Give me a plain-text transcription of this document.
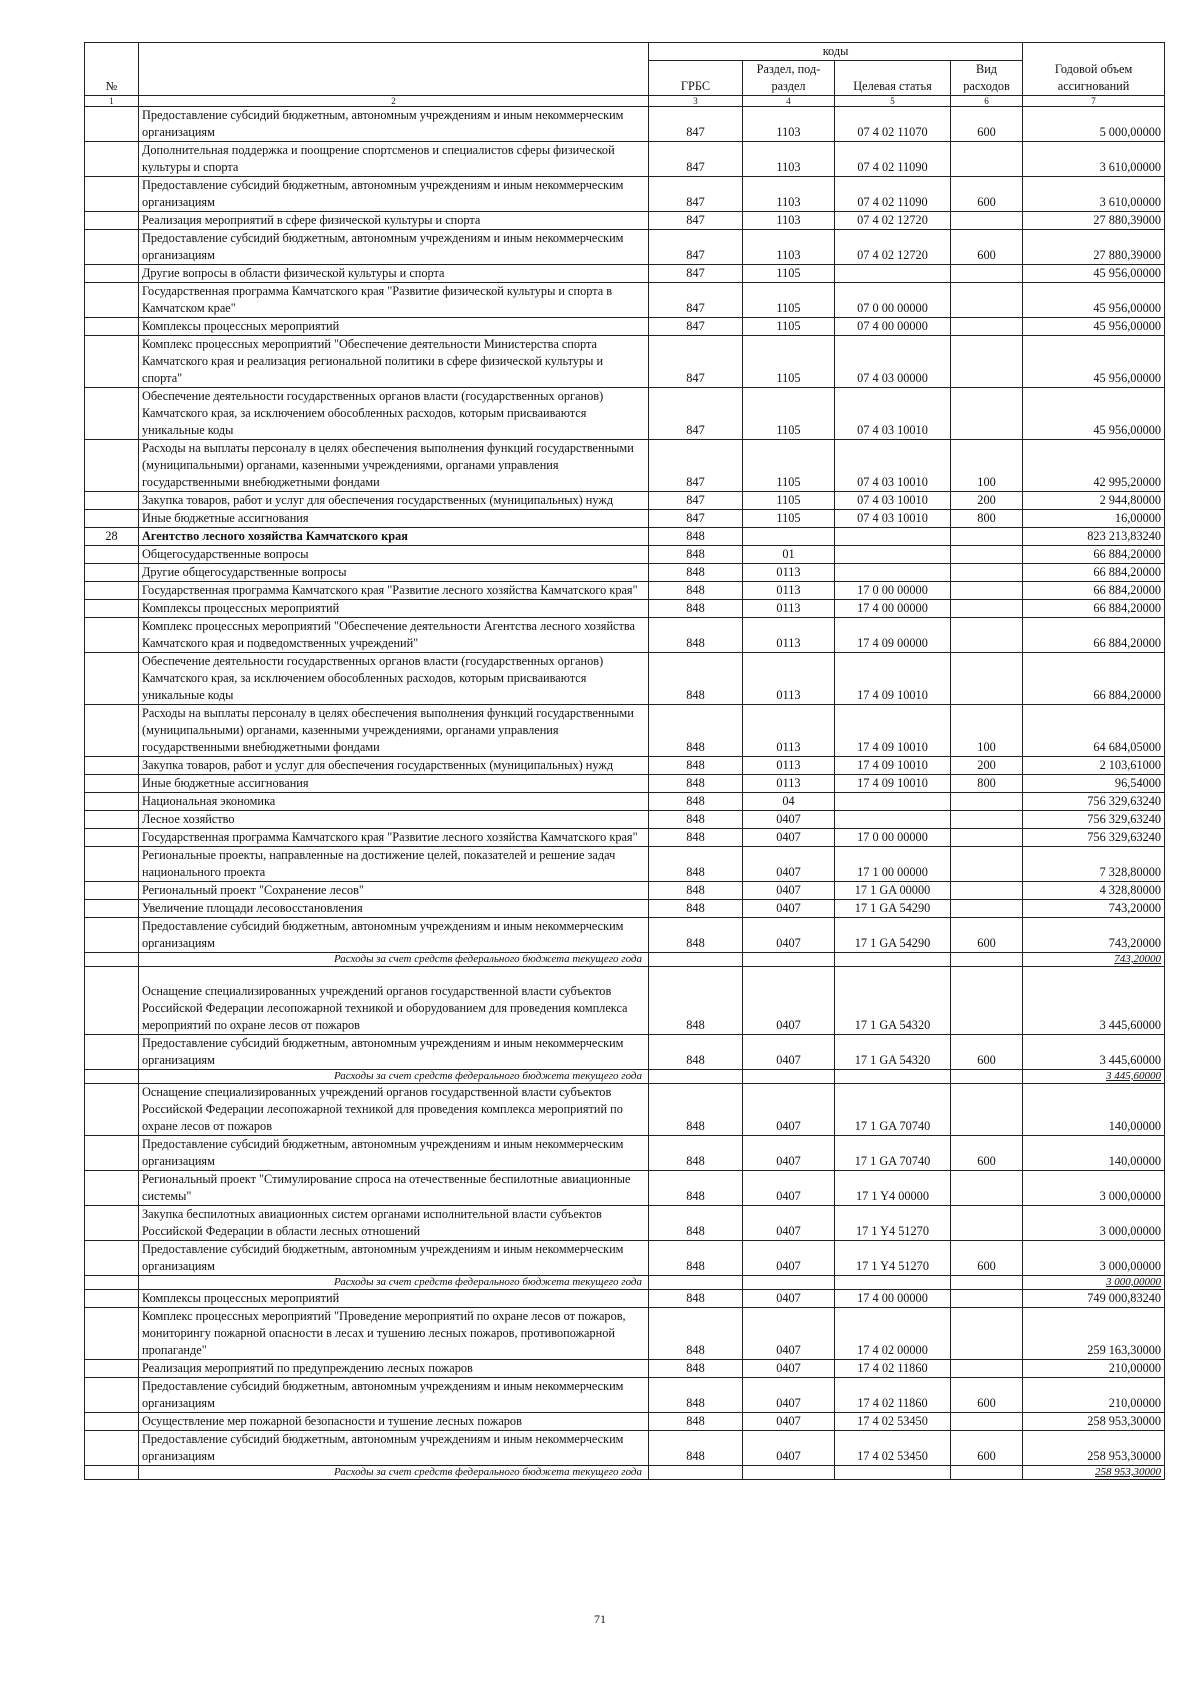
№		коды				Годовой объем ассигнований
		ГРБС	Раздел, под-раздел	Целевая статья	Вид расходов	
1	2	3	4	5	6	7
	Предоставление субсидий бюджетным, автономным учреждениям и иным некоммерческим организациям	847	1103	07 4 02 11070	600	5 000,00000
	Дополнительная поддержка и поощрение спортсменов и специалистов сферы физической культуры и спорта	847	1103	07 4 02 11090		3 610,00000
	Предоставление субсидий бюджетным, автономным учреждениям и иным некоммерческим организациям	847	1103	07 4 02 11090	600	3 610,00000
	Реализация мероприятий в сфере физической культуры и спорта	847	1103	07 4 02 12720		27 880,39000
	Предоставление субсидий бюджетным, автономным учреждениям и иным некоммерческим организациям	847	1103	07 4 02 12720	600	27 880,39000
	Другие вопросы в области физической культуры и спорта	847	1105			45 956,00000
	Государственная программа Камчатского края "Развитие физической культуры и спорта в Камчатском крае"	847	1105	07 0 00 00000		45 956,00000
	Комплексы процессных мероприятий	847	1105	07 4 00 00000		45 956,00000
	Комплекс процессных мероприятий "Обеспечение деятельности Министерства спорта Камчатского края и реализация региональной политики в сфере физической культуры и спорта"	847	1105	07 4 03 00000		45 956,00000
	Обеспечение деятельности государственных органов власти (государственных органов) Камчатского края, за исключением обособленных расходов, которым присваиваются уникальные коды	847	1105	07 4 03 10010		45 956,00000
	Расходы на выплаты персоналу в целях обеспечения выполнения функций государственными (муниципальными) органами, казенными учреждениями, органами управления государственными внебюджетными фондами	847	1105	07 4 03 10010	100	42 995,20000
	Закупка товаров, работ и услуг для обеспечения государственных (муниципальных) нужд	847	1105	07 4 03 10010	200	2 944,80000
	Иные бюджетные ассигнования	847	1105	07 4 03 10010	800	16,00000
28	Агентство лесного хозяйства Камчатского края	848				823 213,83240
	Общегосударственные вопросы	848	01			66 884,20000
	Другие общегосударственные вопросы	848	0113			66 884,20000
	Государственная программа Камчатского края "Развитие лесного хозяйства Камчатского края"	848	0113	17 0 00 00000		66 884,20000
	Комплексы процессных мероприятий	848	0113	17 4 00 00000		66 884,20000
	Комплекс процессных мероприятий "Обеспечение деятельности Агентства лесного хозяйства Камчатского края и подведомственных учреждений"	848	0113	17 4 09 00000		66 884,20000
	Обеспечение деятельности государственных органов власти (государственных органов) Камчатского края, за исключением обособленных расходов, которым присваиваются уникальные коды	848	0113	17 4 09 10010		66 884,20000
	Расходы на выплаты персоналу в целях обеспечения выполнения функций государственными (муниципальными) органами, казенными учреждениями, органами управления государственными внебюджетными фондами	848	0113	17 4 09 10010	100	64 684,05000
	Закупка товаров, работ и услуг для обеспечения государственных (муниципальных) нужд	848	0113	17 4 09 10010	200	2 103,61000
	Иные бюджетные ассигнования	848	0113	17 4 09 10010	800	96,54000
	Национальная экономика	848	04			756 329,63240
	Лесное хозяйство	848	0407			756 329,63240
	Государственная программа Камчатского края "Развитие лесного хозяйства Камчатского края"	848	0407	17 0 00 00000		756 329,63240
	Региональные проекты, направленные на достижение целей, показателей и решение задач национального проекта	848	0407	17 1 00 00000		7 328,80000
	Региональный проект "Сохранение лесов"	848	0407	17 1 GA 00000		4 328,80000
	Увеличение площади лесовосстановления	848	0407	17 1 GA 54290		743,20000
	Предоставление субсидий бюджетным, автономным учреждениям и иным некоммерческим организациям	848	0407	17 1 GA 54290	600	743,20000
	Расходы за счет средств федерального бюджета текущего года					743,20000
	Оснащение специализированных учреждений органов государственной власти субъектов Российской Федерации лесопожарной техникой и оборудованием для проведения комплекса мероприятий по охране лесов от пожаров	848	0407	17 1 GA 54320		3 445,60000
	Предоставление субсидий бюджетным, автономным учреждениям и иным некоммерческим организациям	848	0407	17 1 GA 54320	600	3 445,60000
	Расходы за счет средств федерального бюджета текущего года					3 445,60000
	Оснащение специализированных учреждений органов государственной власти субъектов Российской Федерации лесопожарной техникой для проведения комплекса мероприятий по охране лесов от пожаров	848	0407	17 1 GA 70740		140,00000
	Предоставление субсидий бюджетным, автономным учреждениям и иным некоммерческим организациям	848	0407	17 1 GA 70740	600	140,00000
	Региональный проект "Стимулирование спроса на отечественные беспилотные авиационные системы"	848	0407	17 1 Y4 00000		3 000,00000
	Закупка беспилотных авиационных систем органами исполнительной власти субъектов Российской Федерации в области лесных отношений	848	0407	17 1 Y4 51270		3 000,00000
	Предоставление субсидий бюджетным, автономным учреждениям и иным некоммерческим организациям	848	0407	17 1 Y4 51270	600	3 000,00000
	Расходы за счет средств федерального бюджета текущего года					3 000,00000
	Комплексы процессных мероприятий	848	0407	17 4 00 00000		749 000,83240
	Комплекс процессных мероприятий "Проведение мероприятий по охране лесов от пожаров, мониторингу пожарной опасности в лесах и тушению лесных пожаров, противопожарной пропаганде"	848	0407	17 4 02 00000		259 163,30000
	Реализация мероприятий по предупреждению лесных пожаров	848	0407	17 4 02 11860		210,00000
	Предоставление субсидий бюджетным, автономным учреждениям и иным некоммерческим организациям	848	0407	17 4 02 11860	600	210,00000
	Осуществление мер пожарной безопасности и тушение лесных пожаров	848	0407	17 4 02 53450		258 953,30000
	Предоставление субсидий бюджетным, автономным учреждениям и иным некоммерческим организациям	848	0407	17 4 02 53450	600	258 953,30000
	Расходы за счет средств федерального бюджета текущего года					258 953,30000
71
